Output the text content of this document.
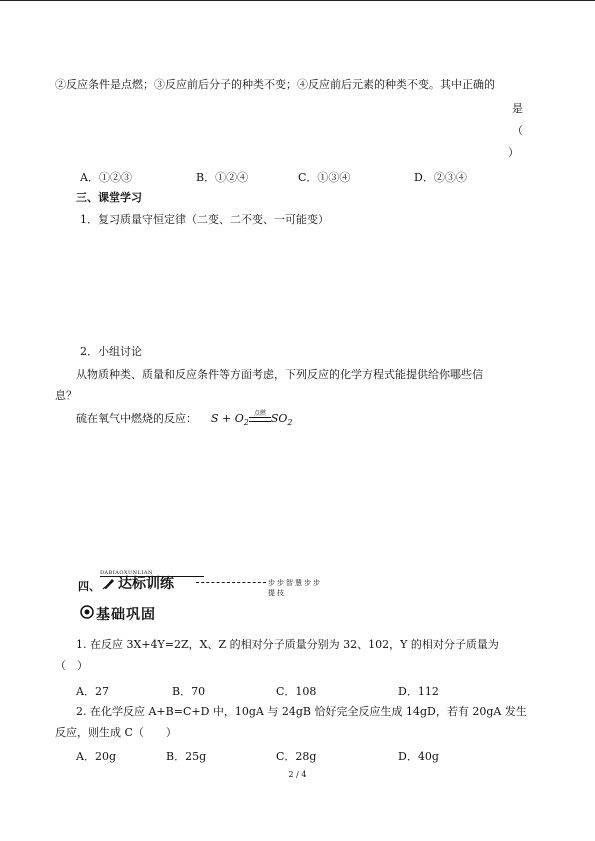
②反应条件是点燃；③反应前后分子的种类不变；④反应前后元素的种类不变。其中正确的
是
（
）
A．①②③	B．①②④	C．①③④	D．②③④
三、课堂学习
1．复习质量守恒定律（二变、二不变、一可能变）
2．小组讨论
从物质种类、质量和反应条件等方面考虑，下列反应的化学方程式能提供给你哪些信
息？
硫在氧气中燃烧的反应： $S + O_2$
点燃 $SO_2$
四、
DABIAOXUNLIAN
达标训练	步步智慧步步提技
基础巩固
1. 在反应 3X+4Y=2Z，X、Z 的相对分子质量分别为 32、102，Y 的相对分子质量为
（　）
A．27	B．70	C．108	D．112
2. 在化学反应 A+B=C+D 中，10gA 与 24gB 恰好完全反应生成 14gD，若有 20gA 发生
反应，则生成 C（　　）
A．20g	B．25g	C．28g	D．40g
2 / 4
